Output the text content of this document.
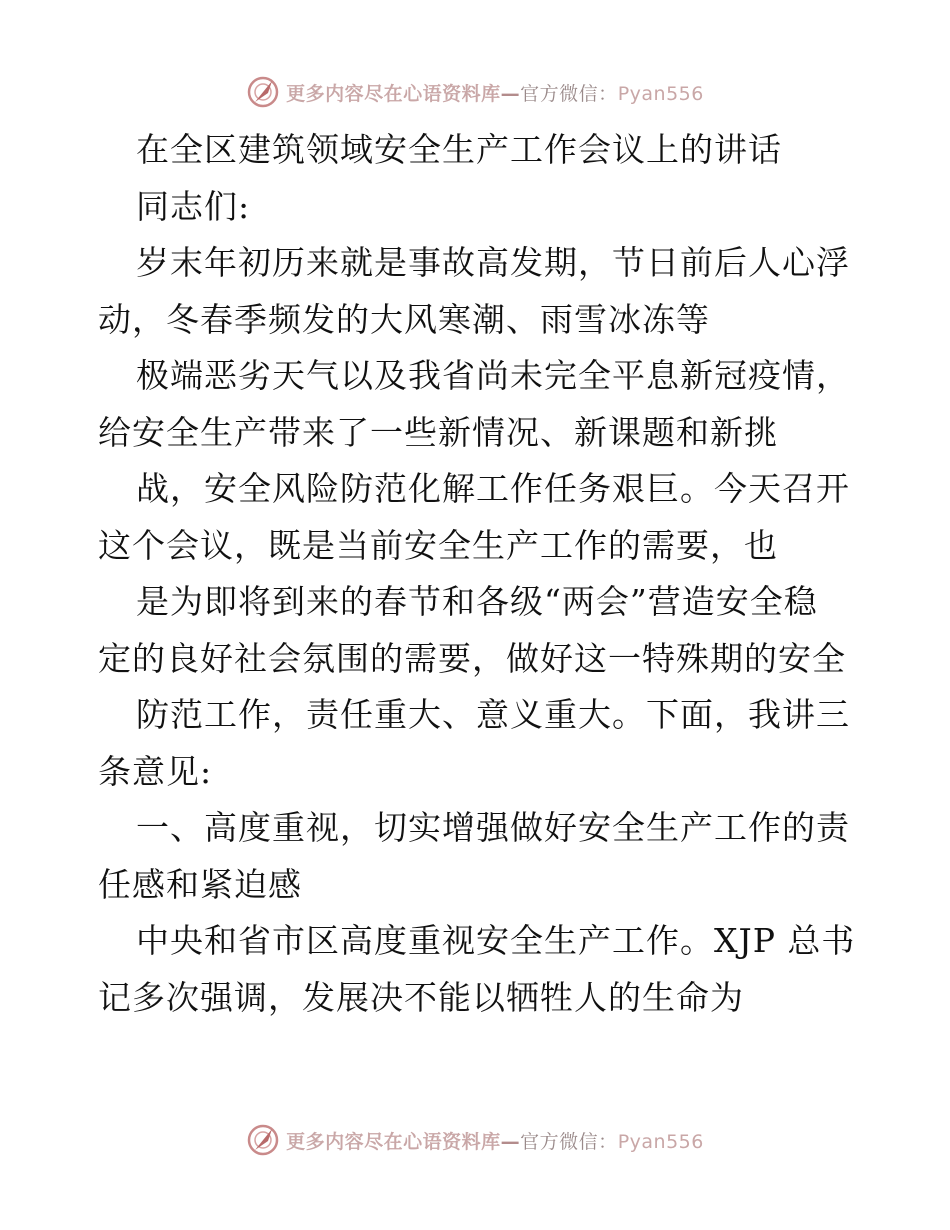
更多内容尽在心语资料库—官方微信：Pyan556
在全区建筑领域安全生产工作会议上的讲话
同志们:
岁末年初历来就是事故高发期，节日前后人心浮
动，冬春季频发的大风寒潮、雨雪冰冻等
极端恶劣天气以及我省尚未完全平息新冠疫情，
给安全生产带来了一些新情况、新课题和新挑
战，安全风险防范化解工作任务艰巨。今天召开
这个会议，既是当前安全生产工作的需要，也
是为即将到来的春节和各级“两会”营造安全稳
定的良好社会氛围的需要，做好这一特殊期的安全
防范工作，责任重大、意义重大。下面，我讲三
条意见:
一、高度重视，切实增强做好安全生产工作的责
任感和紧迫感
中央和省市区高度重视安全生产工作。XJP 总书
记多次强调，发展决不能以牺牲人的生命为
更多内容尽在心语资料库—官方微信：Pyan556
